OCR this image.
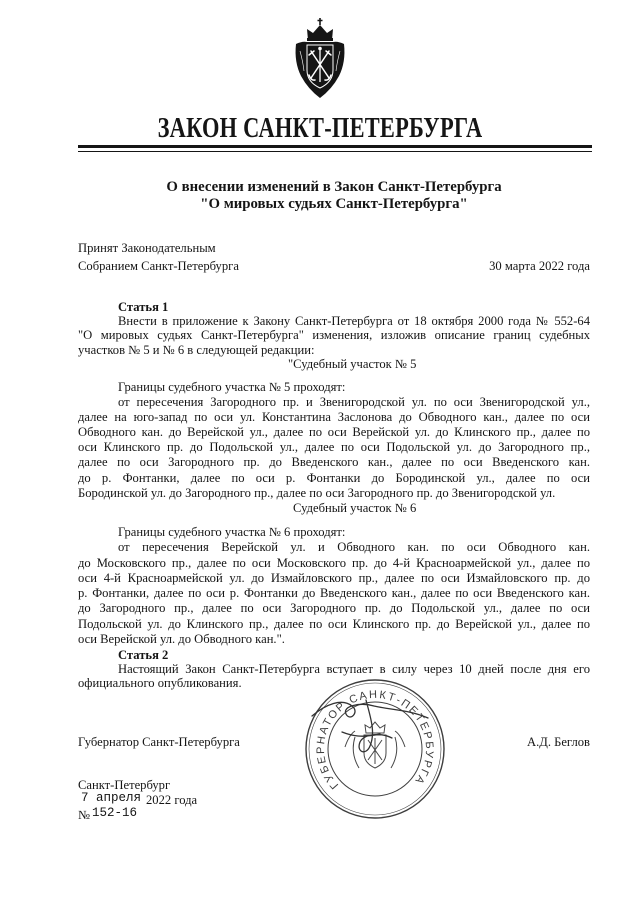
ЗАКОН САНКТ-ПЕТЕРБУРГА
О внесении изменений в Закон Санкт-Петербурга
"О мировых судьях Санкт-Петербурга"
Принят Законодательным
Собранием Санкт-Петербурга	30 марта 2022 года
Статья 1
Внести в приложение к Закону Санкт-Петербурга от 18 октября 2000 года № 552-64
"О мировых судьях Санкт-Петербурга" изменения, изложив описание границ судебных
участков № 5 и № 6 в следующей редакции:
"Судебный участок № 5
Границы судебного участка № 5 проходят:
от пересечения Загородного пр. и Звенигородской ул. по оси Звенигородской ул.,
далее на юго-запад по оси ул. Константина Заслонова до Обводного кан., далее по оси
Обводного кан. до Верейской ул., далее по оси Верейской ул. до Клинского пр., далее по
оси Клинского пр. до Подольской ул., далее по оси Подольской ул. до Загородного пр.,
далее по оси Загородного пр. до Введенского кан., далее по оси Введенского кан.
до р. Фонтанки, далее по оси р. Фонтанки до Бородинской ул., далее по оси
Бородинской ул. до Загородного пр., далее по оси Загородного пр. до Звенигородской ул.
Судебный участок № 6
Границы судебного участка № 6 проходят:
от пересечения Верейской ул. и Обводного кан. по оси Обводного кан.
до Московского пр., далее по оси Московского пр. до 4-й Красноармейской ул., далее по
оси 4-й Красноармейской ул. до Измайловского пр., далее по оси Измайловского пр. до
р. Фонтанки, далее по оси р. Фонтанки до Введенского кан., далее по оси Введенского кан.
до Загородного пр., далее по оси Загородного пр. до Подольской ул., далее по оси
Подольской ул. до Клинского пр., далее по оси Клинского пр. до Верейской ул., далее по
оси Верейской ул. до Обводного кан.".
Статья 2
Настоящий Закон Санкт-Петербурга вступает в силу через 10 дней после дня его
официального опубликования.
Губернатор Санкт-Петербурга	А.Д. Беглов
ГУБЕРНАТОР САНКТ-ПЕТЕРБУРГА
Санкт-Петербург
7 апреля 2022 года
№ 152-16
